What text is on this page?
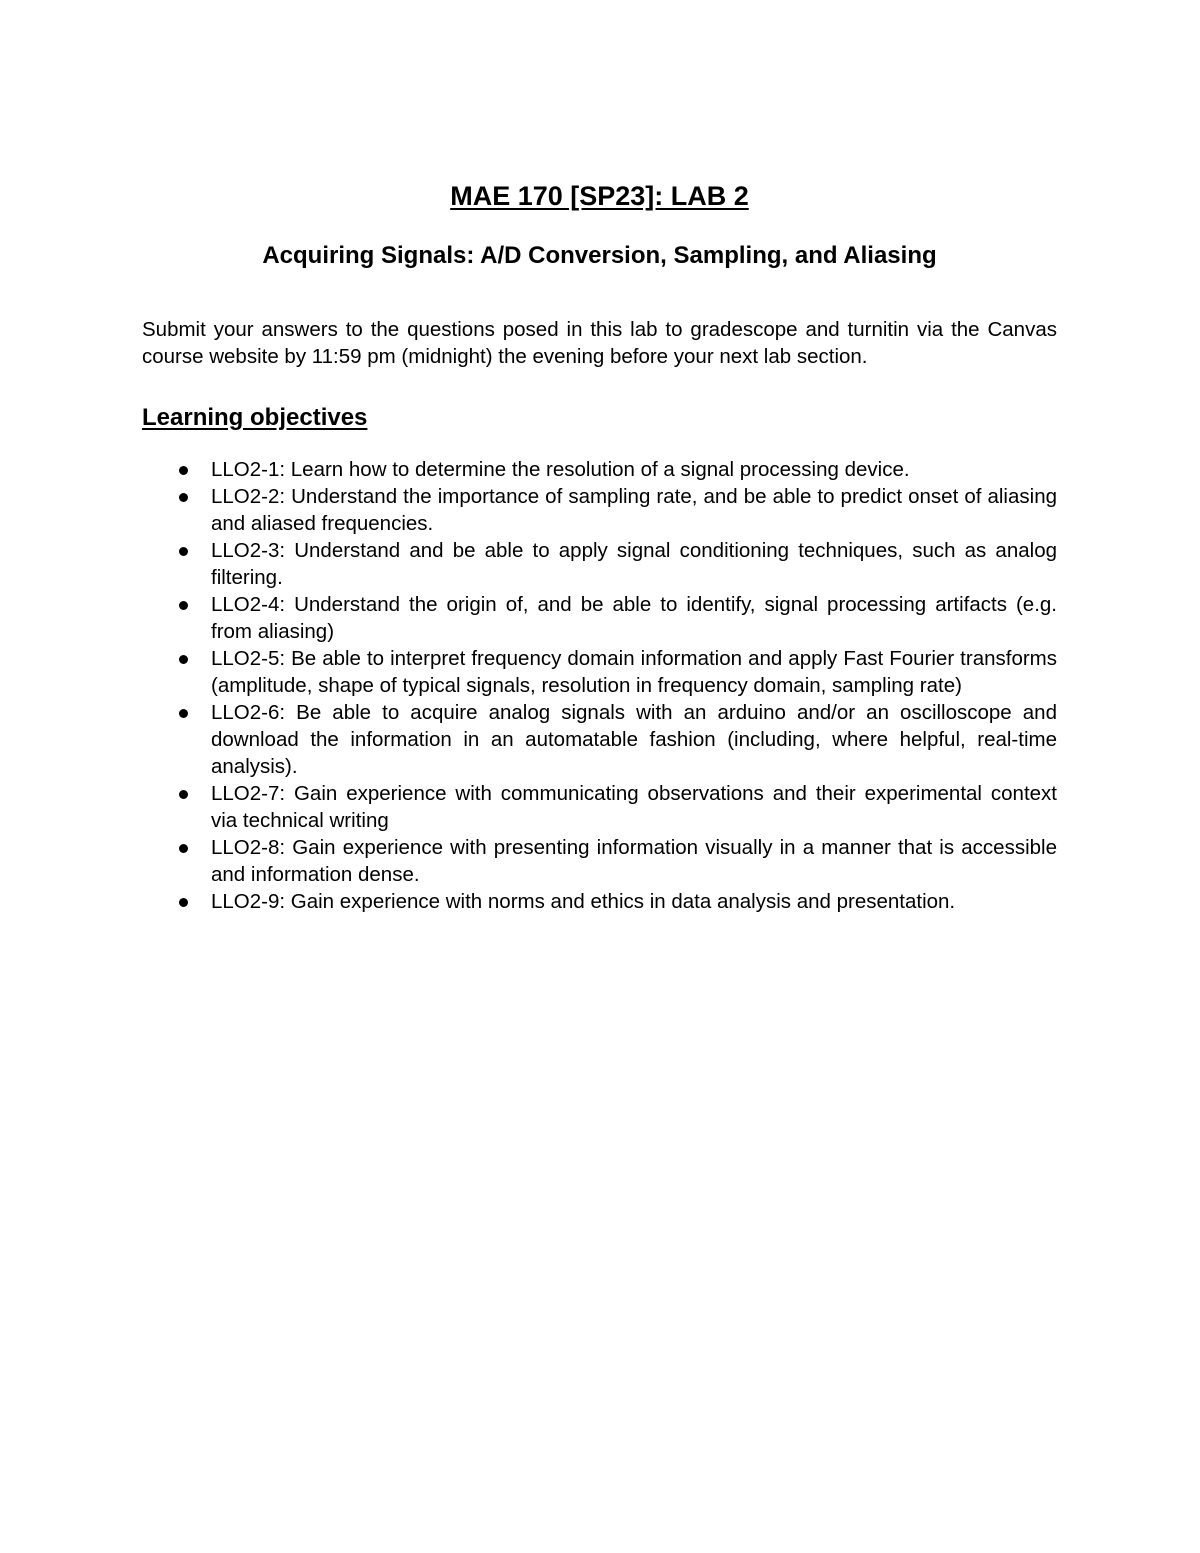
MAE 170 [SP23]: LAB 2
Acquiring Signals: A/D Conversion, Sampling, and Aliasing

Submit your answers to the questions posed in this lab to gradescope and turnitin via the Canvas course website by 11:59 pm (midnight) the evening before your next lab section.

Learning objectives
LLO2-1: Learn how to determine the resolution of a signal processing device.
LLO2-2: Understand the importance of sampling rate, and be able to predict onset of aliasing and aliased frequencies.
LLO2-3: Understand and be able to apply signal conditioning techniques, such as analog filtering.
LLO2-4: Understand the origin of, and be able to identify, signal processing artifacts (e.g. from aliasing)
LLO2-5: Be able to interpret frequency domain information and apply Fast Fourier transforms (amplitude, shape of typical signals, resolution in frequency domain, sampling rate)
LLO2-6: Be able to acquire analog signals with an arduino and/or an oscilloscope and download the information in an automatable fashion (including, where helpful, real-time analysis).
LLO2-7: Gain experience with communicating observations and their experimental context via technical writing
LLO2-8: Gain experience with presenting information visually in a manner that is accessible and information dense.
LLO2-9: Gain experience with norms and ethics in data analysis and presentation.
